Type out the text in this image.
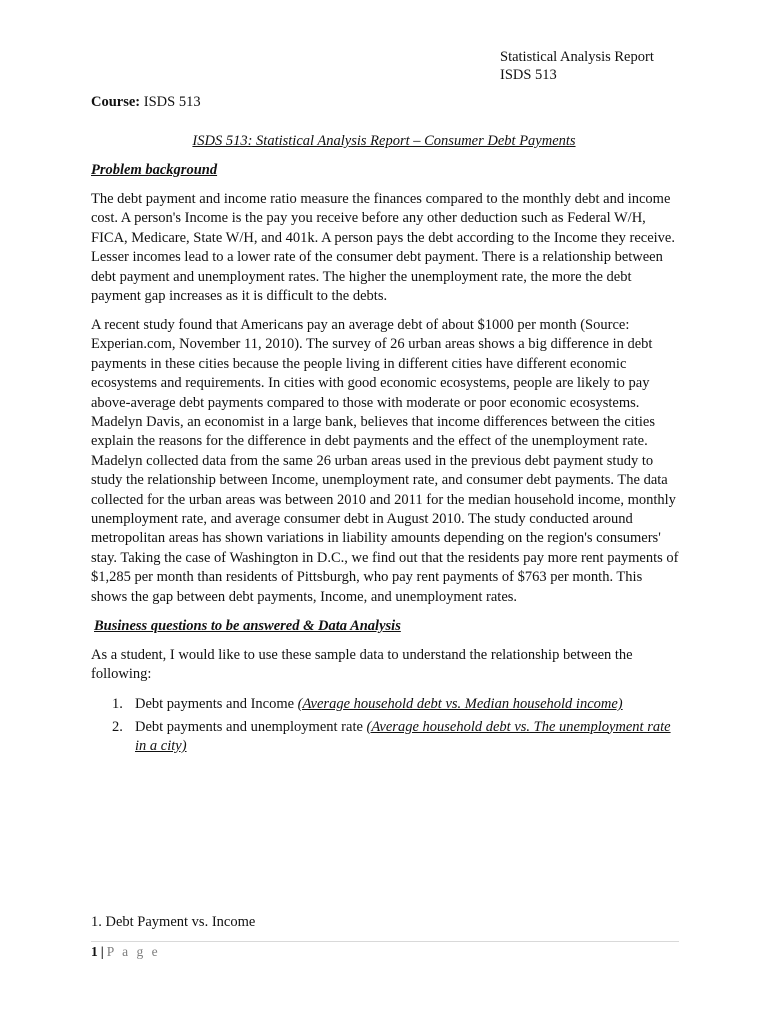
Statistical Analysis Report
ISDS 513
Course: ISDS 513
ISDS 513: Statistical Analysis Report – Consumer Debt Payments
Problem background

The debt payment and income ratio measure the finances compared to the monthly debt and income cost. A person's Income is the pay you receive before any other deduction such as Federal W/H, FICA, Medicare, State W/H, and 401k. A person pays the debt according to the Income they receive. Lesser incomes lead to a lower rate of the consumer debt payment. There is a relationship between debt payment and unemployment rates. The higher the unemployment rate, the more the debt payment gap increases as it is difficult to the debts.

A recent study found that Americans pay an average debt of about $1000 per month (Source: Experian.com, November 11, 2010). The survey of 26 urban areas shows a big difference in debt payments in these cities because the people living in different cities have different economic ecosystems and requirements. In cities with good economic ecosystems, people are likely to pay above-average debt payments compared to those with moderate or poor economic ecosystems. Madelyn Davis, an economist in a large bank, believes that income differences between the cities explain the reasons for the difference in debt payments and the effect of the unemployment rate. Madelyn collected data from the same 26 urban areas used in the previous debt payment study to study the relationship between Income, unemployment rate, and consumer debt payments. The data collected for the urban areas was between 2010 and 2011 for the median household income, monthly unemployment rate, and average consumer debt in August 2010. The study conducted around metropolitan areas has shown variations in liability amounts depending on the region's consumers' stay. Taking the case of Washington in D.C., we find out that the residents pay more rent payments of $1,285 per month than residents of Pittsburgh, who pay rent payments of $763 per month. This shows the gap between debt payments, Income, and unemployment rates.

Business questions to be answered & Data Analysis

As a student, I would like to use these sample data to understand the relationship between the following:

1. Debt payments and Income (Average household debt vs. Median household income)
2. Debt payments and unemployment rate (Average household debt vs. The unemployment rate in a city)
1. Debt Payment vs. Income
1 | P a g e
